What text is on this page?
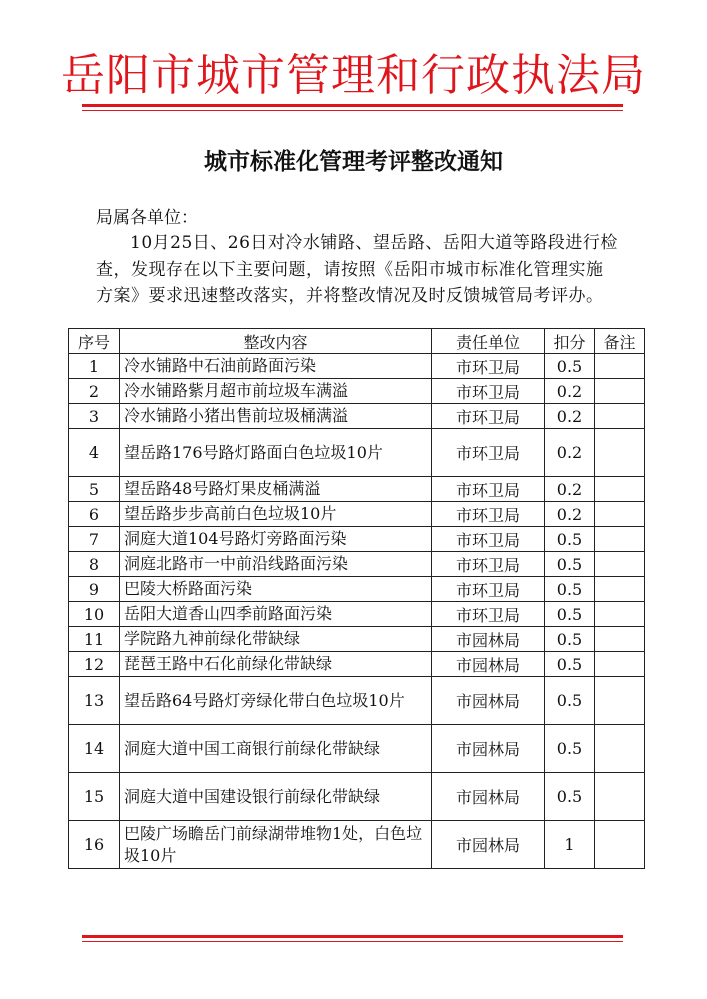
岳阳市城市管理和行政执法局
城市标准化管理考评整改通知
局属各单位：
10月25日、26日对冷水铺路、望岳路、岳阳大道等路段进行检查，发现存在以下主要问题，请按照《岳阳市城市标准化管理实施方案》要求迅速整改落实，并将整改情况及时反馈城管局考评办。
序号	整改内容	责任单位	扣分	备注
1	冷水铺路中石油前路面污染	市环卫局	0.5	
2	冷水铺路紫月超市前垃圾车满溢	市环卫局	0.2	
3	冷水铺路小猪出售前垃圾桶满溢	市环卫局	0.2	
4	望岳路176号路灯路面白色垃圾10片	市环卫局	0.2	
5	望岳路48号路灯果皮桶满溢	市环卫局	0.2	
6	望岳路步步高前白色垃圾10片	市环卫局	0.2	
7	洞庭大道104号路灯旁路面污染	市环卫局	0.5	
8	洞庭北路市一中前沿线路面污染	市环卫局	0.5	
9	巴陵大桥路面污染	市环卫局	0.5	
10	岳阳大道香山四季前路面污染	市环卫局	0.5	
11	学院路九神前绿化带缺绿	市园林局	0.5	
12	琵琶王路中石化前绿化带缺绿	市园林局	0.5	
13	望岳路64号路灯旁绿化带白色垃圾10片	市园林局	0.5	
14	洞庭大道中国工商银行前绿化带缺绿	市园林局	0.5	
15	洞庭大道中国建设银行前绿化带缺绿	市园林局	0.5	
16	巴陵广场瞻岳门前绿湖带堆物1处，白色垃圾10片	市园林局	1	
